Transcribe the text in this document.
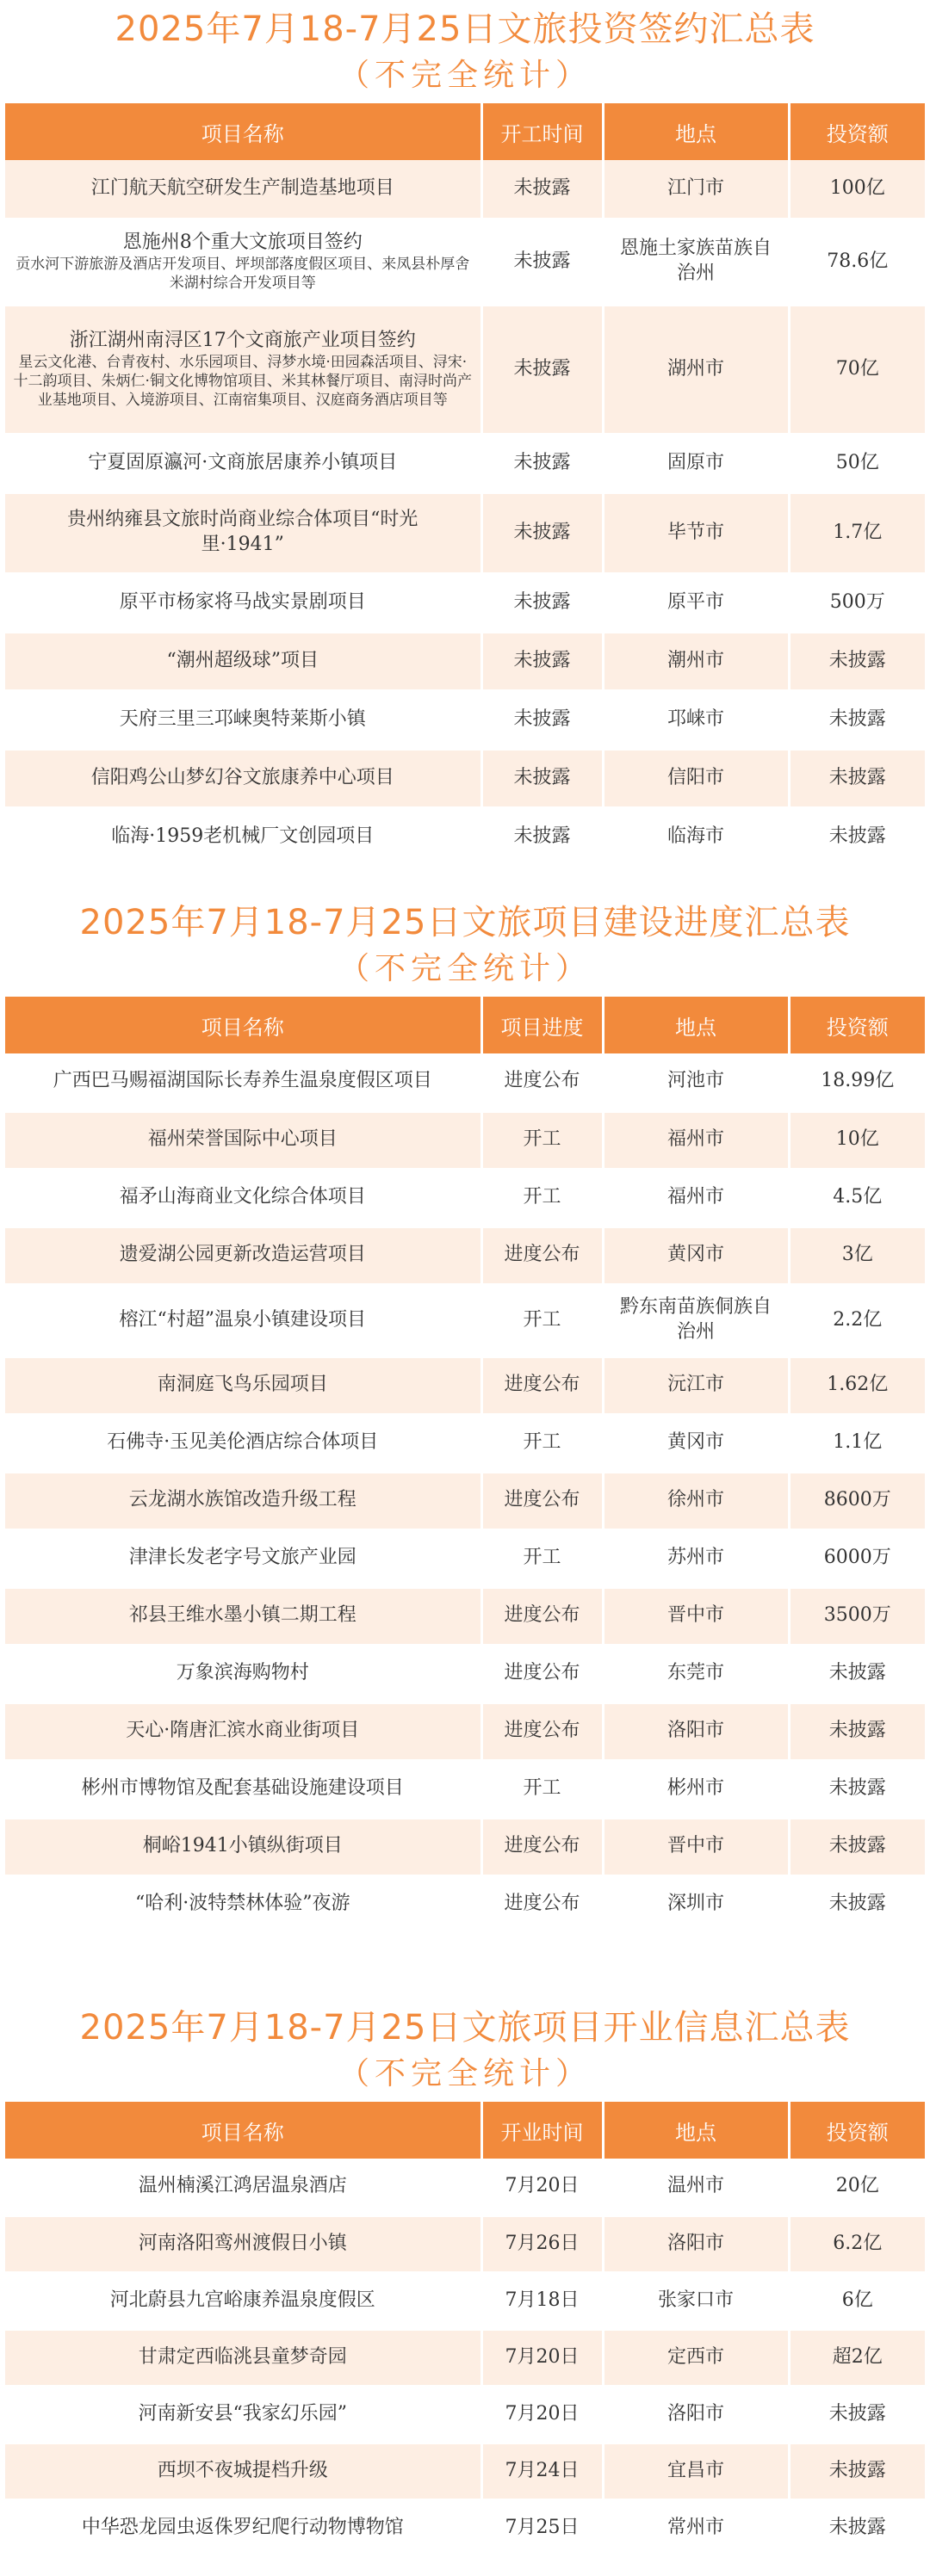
2025年7月18-7月25日文旅投资签约汇总表
（不完全统计）
项目名称	开工时间	地点	投资额

江门航天航空研发生产制造基地项目	未披露	江门市	100亿

恩施州8个重大文旅项目签约
贡水河下游旅游及酒店开发项目、坪坝部落度假区项目、来凤县朴厚舍米湖村综合开发项目等	未披露	恩施土家族苗族自治州	78.6亿

浙江湖州南浔区17个文商旅产业项目签约
星云文化港、台青夜村、水乐园项目、浔梦水境·田园森活项目、浔宋·十二韵项目、朱炳仁·铜文化博物馆项目、米其林餐厅项目、南浔时尚产业基地项目、入境游项目、江南宿集项目、汉庭商务酒店项目等	未披露	湖州市	70亿

宁夏固原瀛河·文商旅居康养小镇项目	未披露	固原市	50亿

贵州纳雍县文旅时尚商业综合体项目“时光里·1941”	未披露	毕节市	1.7亿

原平市杨家将马战实景剧项目	未披露	原平市	500万

“潮州超级球”项目	未披露	潮州市	未披露

天府三里三邛崃奥特莱斯小镇	未披露	邛崃市	未披露

信阳鸡公山梦幻谷文旅康养中心项目	未披露	信阳市	未披露

临海·1959老机械厂文创园项目	未披露	临海市	未披露
2025年7月18-7月25日文旅项目建设进度汇总表
（不完全统计）
项目名称	项目进度	地点	投资额
广西巴马赐福湖国际长寿养生温泉度假区项目	进度公布	河池市	18.99亿
福州荣誉国际中心项目	开工	福州市	10亿
福矛山海商业文化综合体项目	开工	福州市	4.5亿
遗爱湖公园更新改造运营项目	进度公布	黄冈市	3亿
榕江“村超”温泉小镇建设项目	开工	黔东南苗族侗族自治州	2.2亿
南洞庭飞鸟乐园项目	进度公布	沅江市	1.62亿
石佛寺·玉见美伦酒店综合体项目	开工	黄冈市	1.1亿
云龙湖水族馆改造升级工程	进度公布	徐州市	8600万
津津长发老字号文旅产业园	开工	苏州市	6000万
祁县王维水墨小镇二期工程	进度公布	晋中市	3500万
万象滨海购物村	进度公布	东莞市	未披露
天心·隋唐汇滨水商业街项目	进度公布	洛阳市	未披露
彬州市博物馆及配套基础设施建设项目	开工	彬州市	未披露
桐峪1941小镇纵街项目	进度公布	晋中市	未披露
“哈利·波特禁林体验”夜游	进度公布	深圳市	未披露
2025年7月18-7月25日文旅项目开业信息汇总表
（不完全统计）
项目名称	开业时间	地点	投资额
温州楠溪江鸿居温泉酒店	7月20日	温州市	20亿
河南洛阳鸾州渡假日小镇	7月26日	洛阳市	6.2亿
河北蔚县九宫峪康养温泉度假区	7月18日	张家口市	6亿
甘肃定西临洮县童梦奇园	7月20日	定西市	超2亿
河南新安县“我家幻乐园”	7月20日	洛阳市	未披露
西坝不夜城提档升级	7月24日	宜昌市	未披露
中华恐龙园虫返侏罗纪爬行动物博物馆	7月25日	常州市	未披露
